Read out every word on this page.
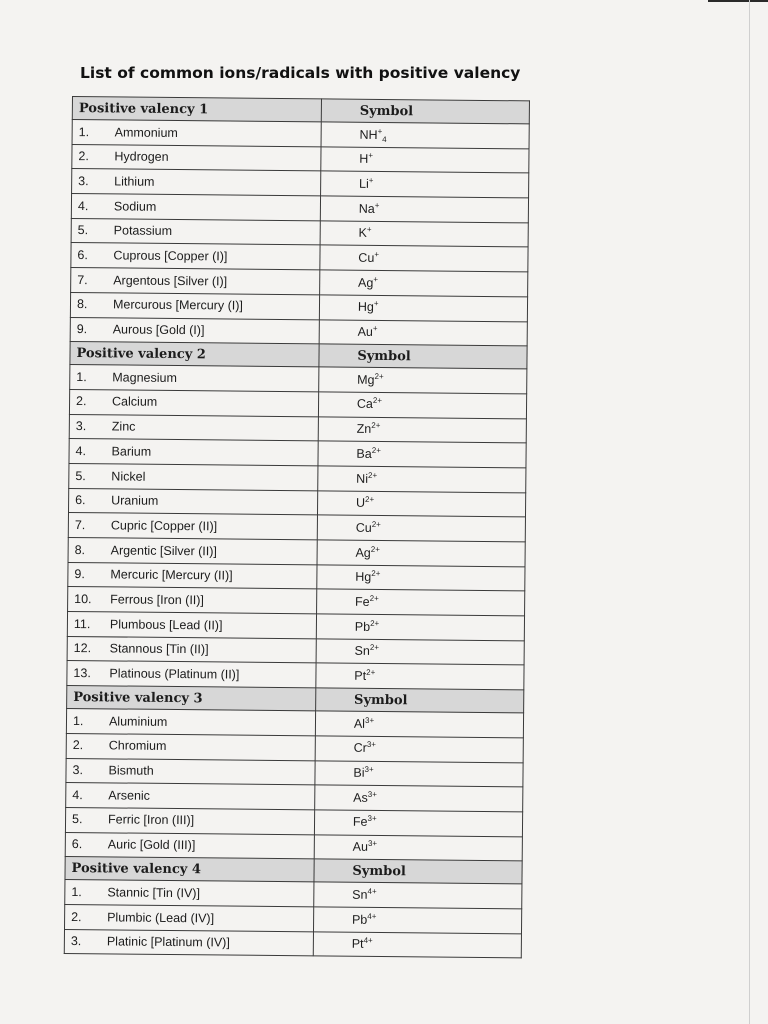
List of common ions/radicals with positive valency
Positive valency 1	Symbol
1. Ammonium	$NH^+_4$
2. Hydrogen	H+
3. Lithium	Li+
4. Sodium	Na+
5. Potassium	K+
6. Cuprous [Copper (I)]	Cu+
7. Argentous [Silver (I)]	Ag+
8. Mercurous [Mercury (I)]	Hg+
9. Aurous [Gold (I)]	Au+
Positive valency 2	Symbol
1. Magnesium	$Mg^{2+}$
2. Calcium	$Ca^{2+}$
3. Zinc	$Zn^{2+}$
4. Barium	$Ba^{2+}$
5. Nickel	$Ni^{2+}$
6. Uranium	$U^{2+}$
7. Cupric [Copper (II)]	$Cu^{2+}$
8. Argentic [Silver (II)]	$Ag^{2+}$
9. Mercuric [Mercury (II)]	$Hg^{2+}$
10. Ferrous [Iron (II)]	$Fe^{2+}$
11. Plumbous [Lead (II)]	$Pb^{2+}$
12. Stannous [Tin (II)]	$Sn^{2+}$
13. Platinous (Platinum (II)]	$Pt^{2+}$
Positive valency 3	Symbol
1. Aluminium	$Al^{3+}$
2. Chromium	$Cr^{3+}$
3. Bismuth	$Bi^{3+}$
4. Arsenic	$As^{3+}$
5. Ferric [Iron (III)]	$Fe^{3+}$
6. Auric [Gold (III)]	$Au^{3+}$
Positive valency 4	Symbol
1. Stannic [Tin (IV)]	$Sn^{4+}$
2. Plumbic (Lead (IV)]	$Pb^{4+}$
3. Platinic [Platinum (IV)]	$Pt^{4+}$
